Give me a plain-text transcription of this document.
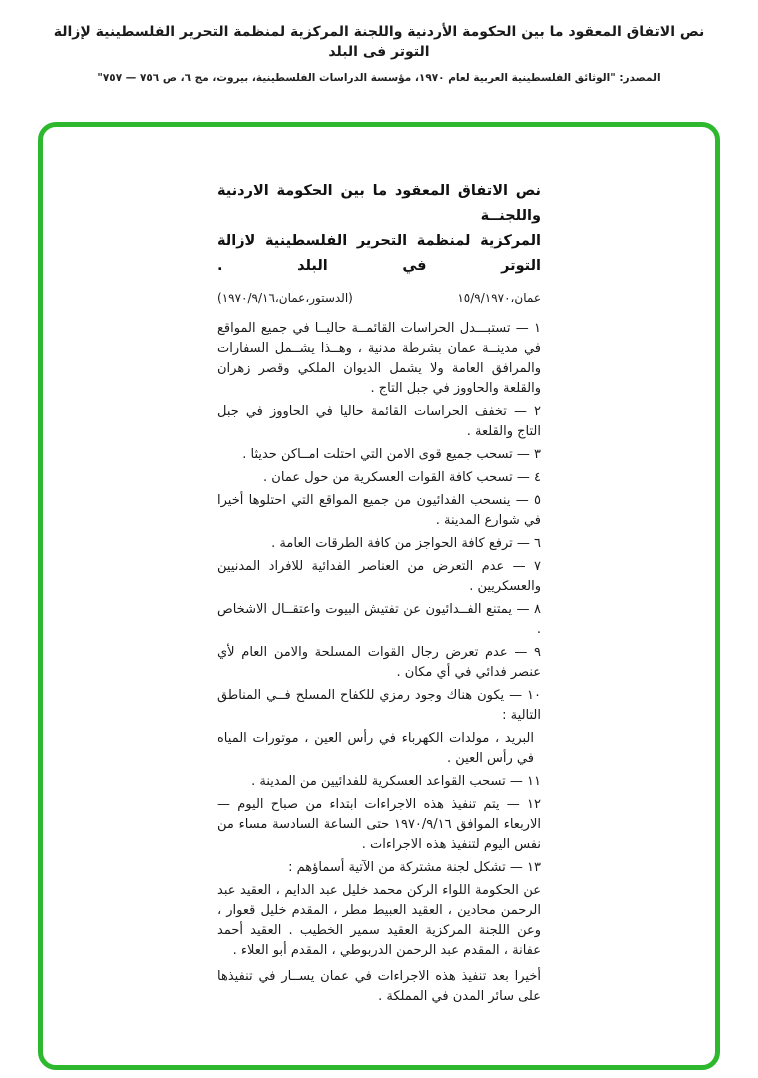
نص الاتفاق المعقود ما بين الحكومة الأردنية واللجنة المركزية لمنظمة التحرير الفلسطينية لإزالة التوتر فى البلد
المصدر: "الوثائق الفلسطينية العربية لعام ١٩٧٠، مؤسسة الدراسات الفلسطينية، بيروت، مج ٦، ص ٧٥٦ — ٧٥٧"
نص الاتفاق المعقود ما بين الحكومة الاردنية واللجنــة
المركزية لمنظمة التحرير الفلسطينية لازالة التوتر في البلد .
عمان،١٥/٩/١٩٧٠
(الدستور،عمان،١٩٧٠/٩/١٦)

١ — تستبـــدل الحراسات القائمــة حاليــا في جميع المواقع في مدينــة عمان بشرطة مدنية ، وهــذا يشــمل السفارات والمرافق العامة ولا يشمل الديوان الملكي وقصر زهران والقلعة والحاووز في جبل التاج .

٢ — تخفف الحراسات القائمة حاليا في الحاووز في جبل التاج والقلعة .

٣ — تسحب جميع قوى الامن التي احتلت امــاكن حديثا .

٤ — تسحب كافة القوات العسكرية من حول عمان .

٥ — ينسحب الفدائيون من جميع المواقع التي احتلوها أخيرا في شوارع المدينة .

٦ — ترفع كافة الحواجز من كافة الطرقات العامة .

٧ — عدم التعرض من العناصر الفدائية للافراد المدنيين والعسكريين .

٨ — يمتنع الفــدائيون عن تفتيش البيوت واعتقــال الاشخاص .

٩ — عدم تعرض رجال القوات المسلحة والامن العام لأي عنصر فدائي في أي مكان .

١٠ — يكون هناك وجود رمزي للكفاح المسلح فــي المناطق التالية :

البريد ، مولدات الكهرباء في رأس العين ، موتورات المياه في رأس العين .

١١ — تسحب القواعد العسكرية للفدائيين من المدينة .

١٢ — يتم تنفيذ هذه الاجراءات ابتداء من صباح اليوم — الاربعاء الموافق ١٩٧٠/٩/١٦ حتى الساعة السادسة مساء من نفس اليوم لتنفيذ هذه الاجراءات .

١٣ — تشكل لجنة مشتركة من الآتية أسماؤهم :

عن الحكومة اللواء الركن محمد خليل عبد الدايم ، العقيد عبد الرحمن محادين ، العقيد العبيط مطر ، المقدم خليل قعوار ، وعن اللجنة المركزية العقيد سمير الخطيب . العقيد أحمد عفانة ، المقدم عبد الرحمن الدربوطي ، المقدم أبو العلاء .

أخيرا بعد تنفيذ هذه الاجراءات في عمان يســار في تنفيذها على سائر المدن في المملكة .
